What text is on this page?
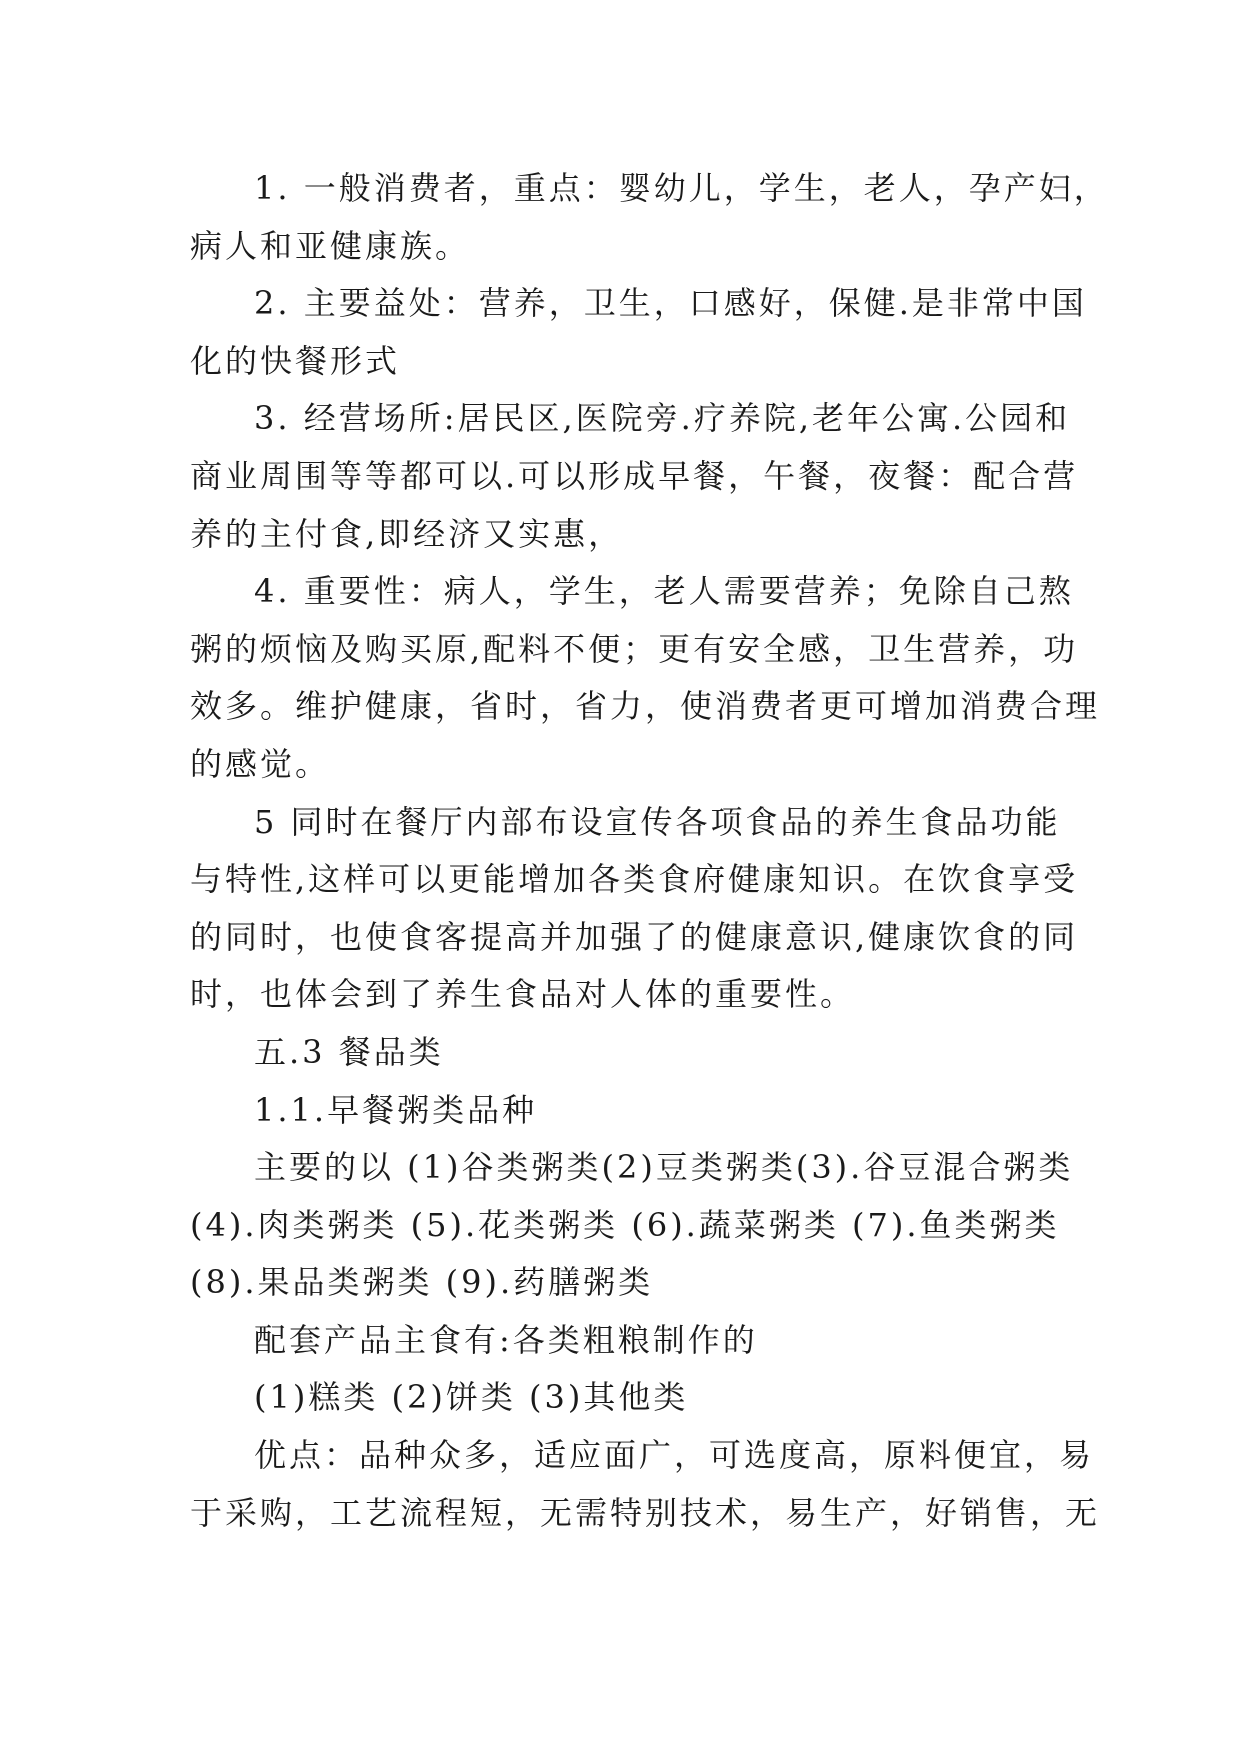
1. 一般消费者，重点：婴幼儿，学生，老人，孕产妇，
病人和亚健康族。
2. 主要益处：营养，卫生，口感好，保健.是非常中国
化的快餐形式
3. 经营场所:居民区,医院旁.疗养院,老年公寓.公园和
商业周围等等都可以.可以形成早餐，午餐，夜餐：配合营
养的主付食,即经济又实惠，
4. 重要性：病人，学生，老人需要营养；免除自己熬
粥的烦恼及购买原,配料不便；更有安全感，卫生营养，功
效多。维护健康，省时，省力，使消费者更可增加消费合理
的感觉。
5 同时在餐厅内部布设宣传各项食品的养生食品功能
与特性,这样可以更能增加各类食府健康知识。在饮食享受
的同时，也使食客提高并加强了的健康意识,健康饮食的同
时，也体会到了养生食品对人体的重要性。
五.3 餐品类
1.1.早餐粥类品种
主要的以 (1)谷类粥类(2)豆类粥类(3).谷豆混合粥类
(4).肉类粥类 (5).花类粥类 (6).蔬菜粥类 (7).鱼类粥类
(8).果品类粥类 (9).药膳粥类
配套产品主食有:各类粗粮制作的
(1)糕类 (2)饼类 (3)其他类
优点：品种众多，适应面广，可选度高，原料便宜，易
于采购，工艺流程短，无需特别技术，易生产，好销售，无
